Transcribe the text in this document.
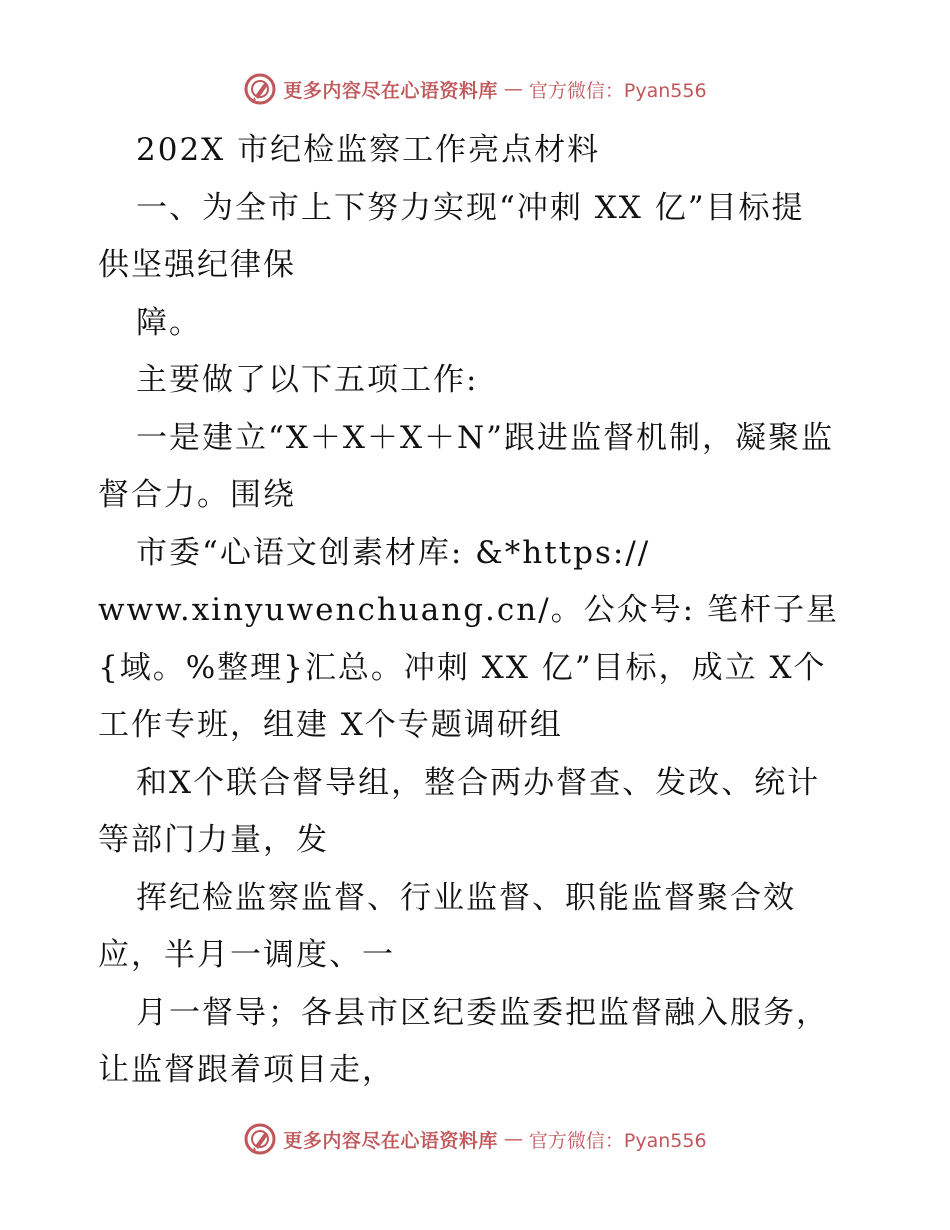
更多内容尽在心语资料库 — 官方微信：Pyan556
202X 市纪检监察工作亮点材料
一、为全市上下努力实现“冲刺 XX 亿”目标提
供坚强纪律保
障。
主要做了以下五项工作:
一是建立“X＋X＋X＋N”跟进监督机制，凝聚监
督合力。围绕
市委“心语文创素材库: &*https://
www.xinyuwenchuang.cn/。公众号: 笔杆子星
{域。%整理}汇总。冲刺 XX 亿”目标，成立 X个
工作专班，组建 X个专题调研组
和X个联合督导组，整合两办督查、发改、统计
等部门力量，发
挥纪检监察监督、行业监督、职能监督聚合效
应，半月一调度、一
月一督导；各县市区纪委监委把监督融入服务，
让监督跟着项目走，
更多内容尽在心语资料库 — 官方微信：Pyan556
